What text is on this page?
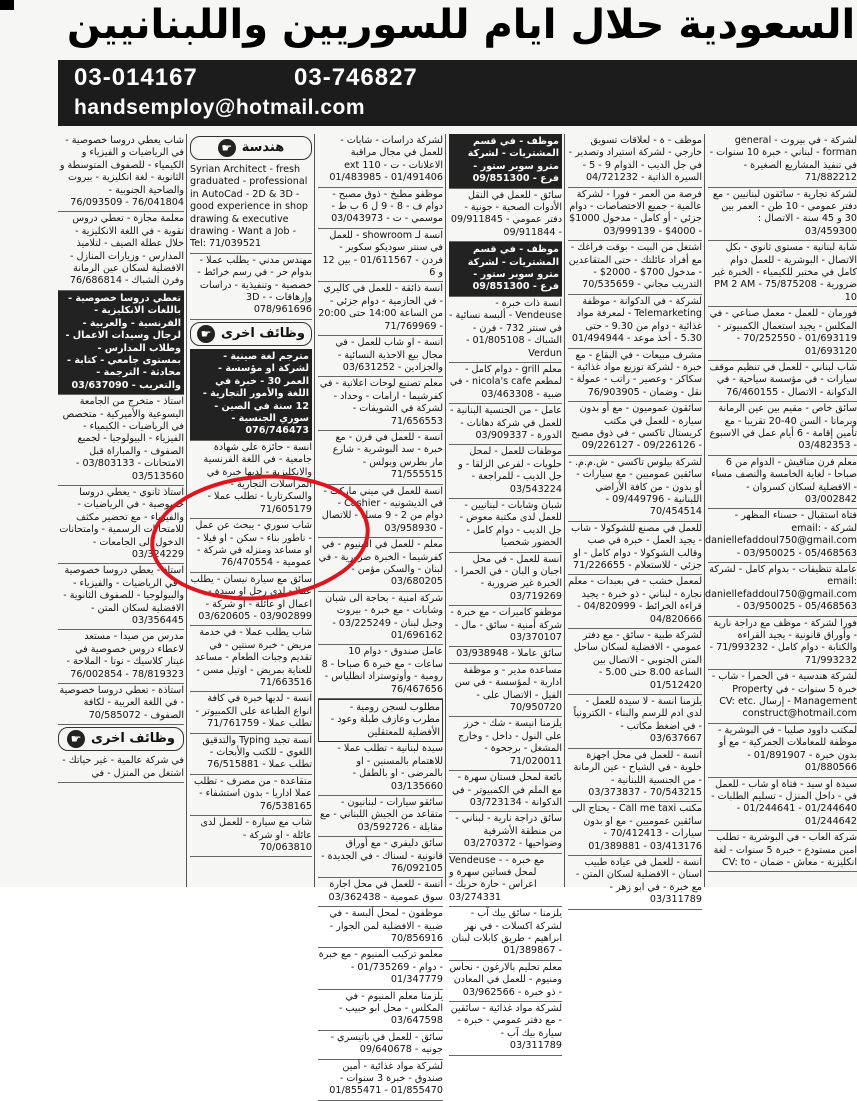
السعودية حلال ايام للسوريين واللبنانيين
03-014167	03-746827
handsemploy@hotmail.com

لشركة - في بيروت - general forman - لبناني - خبرة 10 سنوات - في تنفيذ المشاريع الصغيرة - 71/882212

لشركة تجارية - سائقون لبنانيين - مع دفتر عمومي - 10 طن - العمر بين 30 و 45 سنة - الاتصال : 03/459300

شابة لبنانية - مستوى ثانوي - بكل الاتصال - البوشرية - للعمل دوام كامل في مختبر للكيمياء - الخبرة غير ضرورية - 75/875208 - PM 2 AM 10

فورمان - للعمل - معمل صناعي - في المكلس - يجيد استعمال الكمبيوتر - 01/693119 - 70/252550 - 01/693120

شاب لبناني - للعمل في تنظيم موقف سيارات - في مؤسسة سياحية - في الدكوانة - الاتصال - 76/460155

سائق خاص - مقيم بين عين الرمانة وبرمانا - السن 40-20 تقريبا - مع تأمين إقامة - 6 أيام عمل في الاسبوع - 03/482353

معلم فرن مناقيش - الدوام من 6 صباحا - لغاية الخامسة والنصف مساء - الافضلية لسكان كسروان - 03/002842

فتاة استقبال - حسناء المظهر - لشركة - email: daniellefaddoul750@gmail.com - 03/950025 - 05/468563

عاملة تنظيفات - بدوام كامل - لشركة email: daniellefaddoul750@gmail.com - 03/950025 - 05/468563

فورا لشركة - موظف مع دراجة نارية - وأوراق قانونية - يجيد القراءة والكتابة - دوام كامل - 71/993232 - 71/993232

لشركة هندسية - في الحمرا - شاب - خبرة 5 سنوات - في Property Management - إرسال CV: etc. construct@hotmail.com

لمكتب داوود صليبا - في البوشرية - موظفة للمعاملات الجمركية - مع أو بدون خبرة - 01/891907 - 01/880566

سيدة او سيد - فتاة او شاب - للعمل في - داخل المنزل - تسليم الطلبات - 01/244640 - 01/244641 - 01/244642

شركة العاب - في البوشرية - تطلب امين مستودع - خبرة 5 سنوات - لغة انكليزية - معاش - ضمان - CV: to

موظف - ة - لعلاقات تسويق خارجي - لشركة استيراد وتصدير - في جل الديب - الدوام 9 - 5 - السيرة الذاتية - 04/721232

فرصة من العمر - فورا - لشركة عالمية - جميع الاختصاصات - دوام جزئي - أو كامل - مدخول 1000$ - 4000$ - 03/999139

اشتغل من البيت - بوقت فراغك - مع أفراد عائلتك - حتى المتقاعدين - مدخول 700$ - 2000$ - التدريب مجاني - 70/535659

لشركة - في الدكوانة - موظفة Telemarketing - لمعرفة مواد غذائية - دوام من 9.30 - حتى 5.30 - أخذ موعد - 01/494944

مشرف مبيعات - في البقاع - مع خبرة - لشركة توزيع مواد غذائية - سكاكر - وعصير - راتب - عمولة - نقل - وضمان - 76/903905

سائقون عموميون - مع أو بدون سيارة - للعمل في مكتب كريستال تاكسي - في ذوق مصبح - 09/226126 - 09/226127

لشركة بيلوس تاكسي - ش.م.م. - سائقين عموميين - مع سيارات - أو بدون - من كافة الأراضي اللبنانية - 09/449796 - 70/454514

للعمل في مصنع للشوكولا - شاب - يجيد العمل - خبرة في صب وقالب الشوكولا - دوام كامل - او جزئي - للاستعلام - 71/226655

لمعمل خشب - في بعبدات - معلم نجارة - لبناني - ذو خبرة - يجيد قراءة الخرائط - 04/820999 - 04/820666

لشركة طبية - سائق - مع دفتر عمومي - الافضلية لسكان ساحل المتن الجنوبي - الاتصال بين الساعة 8.00 حتى 5.00 - 01/512420

يلزمنا انسة - لا سيدة للعمل - لدى ادم للرسم والبناء - الكترونياً - في اضغط مكاتب - 03/637667

انسة - للعمل في محل اجهزة خلوية - في الشياح - عين الرمانة - من الجنسية اللبنانية - 70/543215 - 03/373837

مكتب Call me taxi - يحتاج الى سائقين عموميين - مع او بدون سيارات - 70/412413 - 03/413176 - 01/389881

انسة - للعمل في عيادة طبيب اسنان - الافضلية لسكان المتن - مع خبرة - في ابو زهر - 03/311789

موظف - في قسم المشتريات - لشركة مترو سوبر ستور - فرع - 09/851300

سائق - للعمل في النقل الأدوات الصحية - جونية - دفتر عمومي - 09/911845 - 09/911844

موظف - في قسم المشتريات - لشركة مترو سوبر ستور - فرع - 09/851300

انسة ذات خبرة - Vendeuse - ألبسة نسائية - في سنتر 732 - فرن - الشباك - 01/805108 - Verdun

معلم grill - دوام كامل - لمطعم nicola's cafe - في ضبية - 03/463308

عامل - من الجنسية البنانية - للعمل في شركة دهانات - الدورة - 03/909337

موظفات للعمل - لمحل حلويات - لفرعي الزلقا - و جل الديب - للمراجعة - 03/543224

شبان وشابات - لبنانيين - للعمل لدى مكتبة معوض - جل الديب - دوام كامل - الحضور شخصيا

انسة للعمل - في محل اجبان و البان - في الحمرا - الخبرة غير ضرورية - 03/719269

موظفو كاميرات - مع خبرة - شركة أمنية - سائق - مال - 03/370107

سائق عاملا - 03/938948

مساعدة مدير - و موظفة ادارية - لمؤسسة - في سن الفيل - الاتصال على - 70/950720

يلزمنا انيسة - شك - خرز على النول - داخل - وخارج المشغل - برجحوة - 71/020011

بائعة لمحل فستان سهرة - مع الملم في الكمبيوتر - في الدكوانة - 03/723134

سائق دراجة نارية - لبناني - من منطقة الأشرفية وضواحيها - 03/270372

Vendeuse - مع خبرة - لمحل فساتين سهرة و اعراس - حارة حريك - 03/274331

يلزمنا - سائق يبك آب - لشركة اكسلات - في نهر ابراهيم - طريق كابلات لبنان - 01/389867

معلم تحليم بالارغون - نحاس ومنيوم - للعمل في المعادن - ذو خبرة - 03/962566

لشركة مواد غذائية - سائقين - مع دفتر عمومي - خبرة - سيارة بيك آب - 03/311789

لشركة دراسات - شابات - للعمل في مجال مراقبة الاعلانات - ت ext 110 - 01/483985 - 01/491406

موظفو مطبخ - ذوق مصبح - دوام ف - 8 - 9 ل 6 ب ط - موسمي - ت - 03/043973

انسة لـ showroom - للعمل في سنتر سوديكو سكوير - فردن - 01/611567 - بين 12 و 6

انسة ذائقة - للعمل في كاليري - في الحازمية - دوام جزئي - من الساعة 14:00 حتى 20:00 - 71/769969

انسة - او شاب للعمل - في مجال بيع الاحذية النسائية - والجزادين - 03/631252

معلم تصنيع لوحات اعلانية - في كفرشيما - ارامات - وحداد - لشركة في الشويفات - 71/656553

انسة - للعمل في فرن - مع خبرة - سد البوشرية - شارع مار بطرس وبولس - 71/555515

انسة للعمل في ميني ماركت - في الديشونيه - Cashier - دوام من 2 - 9 مساء - للاتصال - 03/958930

معلم - للعمل في المنيوم - في كفرشيما - الخبرة ضرورية - في لبنان - والسكن مؤمن - 03/680205

شركة امنية - بحاجة الى شبان وشابات - مع خبرة - بيروت وجبل لبنان - 03/225249 - 01/696162

عامل صندوق - دوام 10 ساعات - مع خبرة 6 صباحا - 8 رومية - وأوتوستراد انطلياس - 76/467656

مطلوب لسجن رومية - مطرب وعازف طبلة وعود - الأفضلية للمعتقلين

سيدة لبنانية - تطلب عملا - للاهتمام بالمسنين - او بالمرضى - او بالطفل - 03/135660

سائقو سيارات - لبنانيون - متقاعد من الجيش اللبناني - مع مقابلة - 03/592726

سائق دليفري - مع أوراق قانونية - لسناك - في الجديدة - 76/092105

انسة - للعمل في محل اجارة سوق عمومية - 03/362438

موظفون - لمحل ألبسة - في ضبية - الافضلية لمن الجوار - 70/856916

معلمو تركيب المنيوم - مع خبرة - دوام - 01/735269 - 01/347779

يلزمنا معلم المنيوم - في المكلس - محل ابو حبيب - 03/647598

سائق - للعمل في باتيسري - جونيه - 09/640678

لشركة مواد غذائية - أمين صندوق - خبرة 3 سنوات - 01/855470 - 01/855471

هندسة
☛

Syrian Architect - fresh graduated - professional in AutoCad - 2D & 3D - good experience in shop drawing & executive drawing - Want a Job - Tel: 71/039521

مهندس مدني - يطلب عملا - بدوام حر - في رسم خرائط - خصصية - وتنفيذية - دراسات وإرهاقات - 3D - 078/961696

وظائف اخرى
☛

مترجم لغة صينية - لشركة او مؤسسة - العمر 30 - خبرة في اللغة والأمور التجارية - 12 سنة في الصين - سوري الجنسية - 076/746473

انسة - حائزة على شهادة جامعية - في اللغة الفرنسية والانكليزية - لديها خبرة في المراسلات التجارية - والسكرتاريا - تطلب عملا - 71/605179

شاب سوري - يبحث عن عمل - ناطور بناء - سكن - او فيلا - او مساعد ومنزله في شركة - عمومية - 76/470554

سائق مع سيارة نيسان - يطلب عملا - لدى رجل او سيدة - اعمال او عائلة - او شركة - 03/902899 - 03/620605

شاب يطلب عملا - في خدمة مريض - خبرة سنتين - في تقديم وجبات الطعام - مساعد للعناية بمريض - اوتيل مسن - 71/663516

انسة - لديها خبرة في كافة انواع الطباعة على الكمبيوتر - تطلب عملا - 71/761759

انسة تجيد Typing والتدقيق اللغوي - للكتب والأبحاث - تطلب عملا - 76/515881

متقاعدة - من مصرف - تطلب عملا اداريا - بدون استشفاء - 76/538165

شاب مع سيارة - للعمل لدى عائلة - او شركة - 70/063810

شاب يعطي دروسا خصوصية - في الرياضيات و الفيزياء و الكيمياء - للصفوف المتوسطة و الثانوية - لغة انكليزية - بيروت والضاحية الجنوبية - 76/041804 - 76/093509

معلمة مجازة - تعطي دروس تقوية - في اللغة الانكليزية - خلال عطلة الصيف - لتلاميذ المدارس - وزيارات المنازل - الافضلية لسكان عين الرمانة وفرن الشباك - 76/686814

تعطي دروسا خصوصية - باللغات الانكليزية - الفرنسية - والعربية - لرجال وسيدات الاعمال - وطلاب المدارس - بمستوى جامعي - كتابة - محادثة - الترجمة - والتعريب - 03/637090

استاذ - متخرج من الجامعة اليسوعية والأميركية - متخصص في الرياضيات - الكيمياء - الفيزياء - البيولوجيا - لجميع الصفوف - والمباراة قبل الامتحانات - 03/803133 - 03/513560

استاذ ثانوي - يعطي دروسا خصوصية - في الرياضيات - والفيزياء - مع تحضير مكثف للامتحانات الرسمية - وامتحانات الدخول الى الجامعات - 03/324229

استاذ - يعطي دروسا خصوصية - في الرياضيات - والفيزياء - والبيولوجيا - للصفوف الثانوية - الافضلية لسكان المتن - 03/356445

مدرس من صيدا - مستعد لاعطاء دروس خصوصية في غيتار كلاسيك - نوتا - الملاحة - 78/819323 - 76/002854

استاذة - تعطي دروسا خصوصية - في اللغة العربية - لكافة الصفوف - 70/585072

وظائف اخرى
☛

في شركة عالمية - غير حياتك - اشتغل من المنزل - في
